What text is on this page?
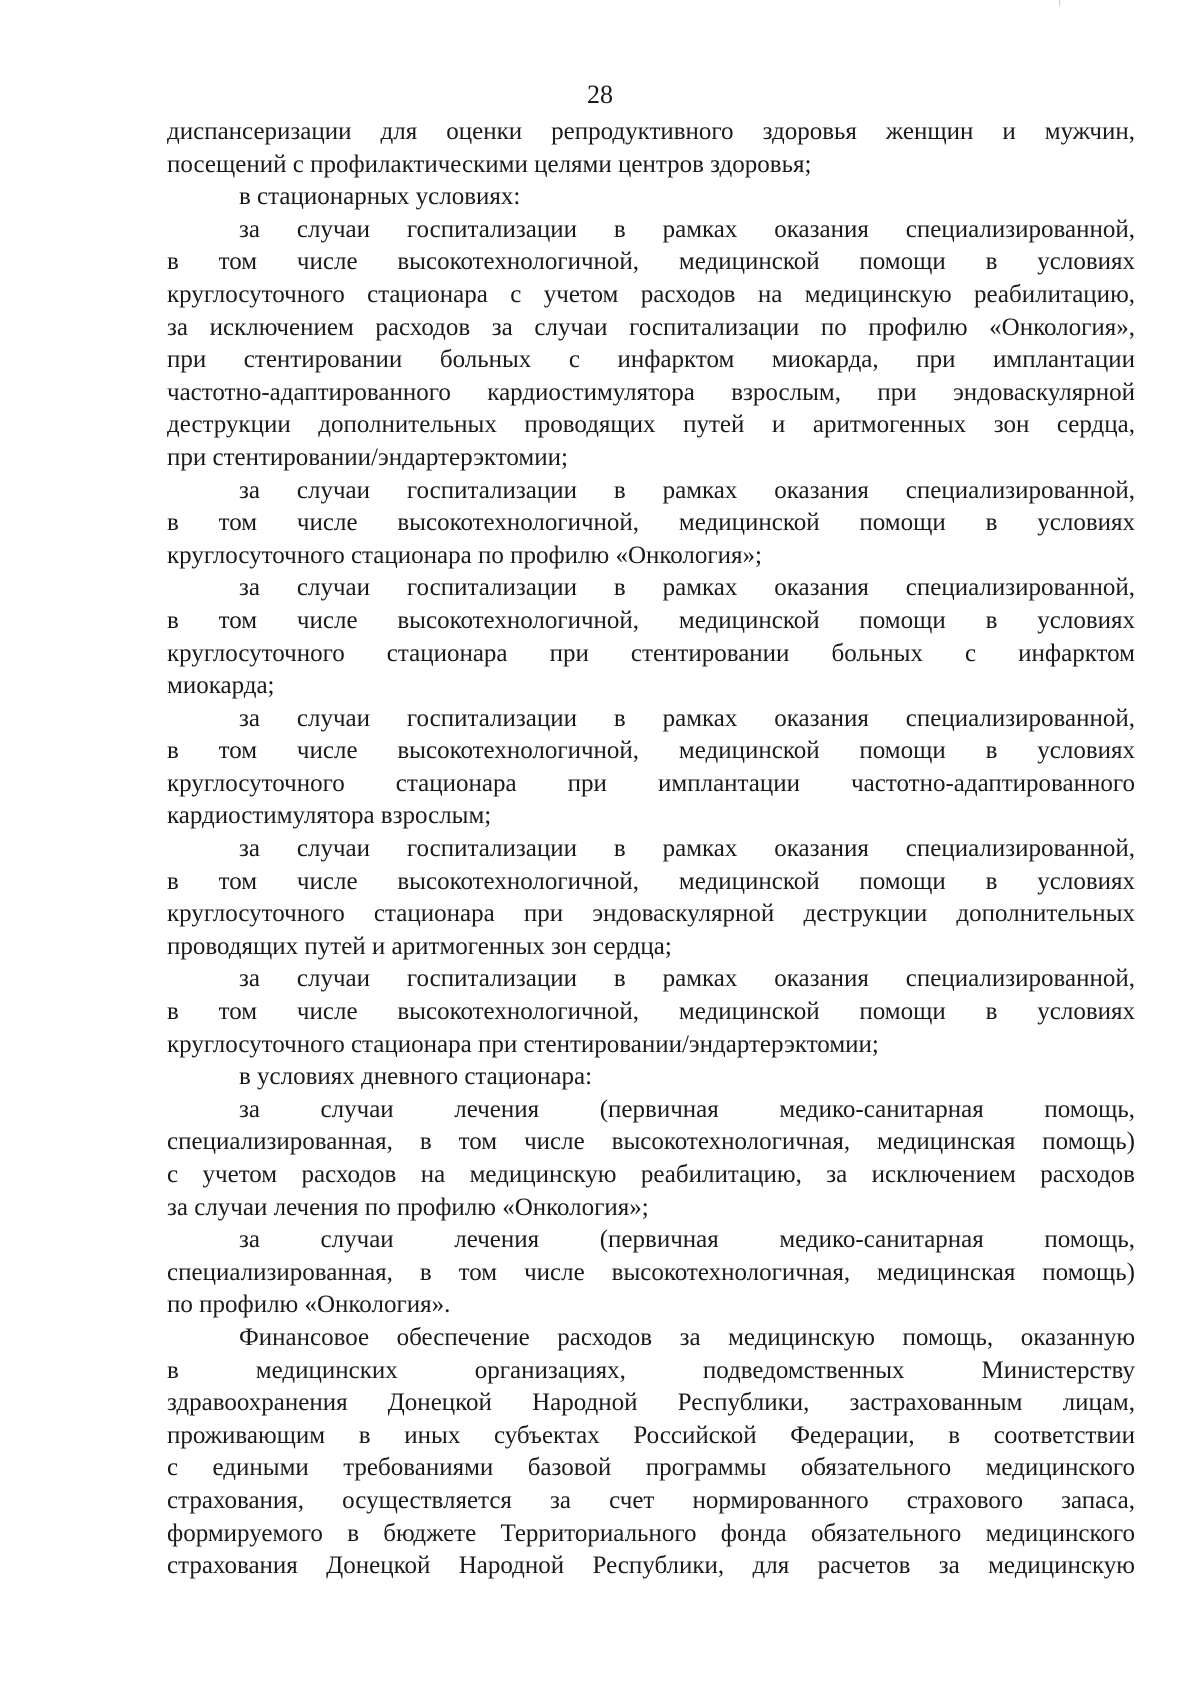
28
диспансеризации для оценки репродуктивного здоровья женщин и мужчин,
посещений с профилактическими целями центров здоровья;
в стационарных условиях:
за случаи госпитализации в рамках оказания специализированной,
в том числе высокотехнологичной, медицинской помощи в условиях
круглосуточного стационара с учетом расходов на медицинскую реабилитацию,
за исключением расходов за случаи госпитализации по профилю «Онкология»,
при стентировании больных с инфарктом миокарда, при имплантации
частотно-адаптированного кардиостимулятора взрослым, при эндоваскулярной
деструкции дополнительных проводящих путей и аритмогенных зон сердца,
при стентировании/эндартерэктомии;
за случаи госпитализации в рамках оказания специализированной,
в том числе высокотехнологичной, медицинской помощи в условиях
круглосуточного стационара по профилю «Онкология»;
за случаи госпитализации в рамках оказания специализированной,
в том числе высокотехнологичной, медицинской помощи в условиях
круглосуточного стационара при стентировании больных с инфарктом
миокарда;
за случаи госпитализации в рамках оказания специализированной,
в том числе высокотехнологичной, медицинской помощи в условиях
круглосуточного стационара при имплантации частотно-адаптированного
кардиостимулятора взрослым;
за случаи госпитализации в рамках оказания специализированной,
в том числе высокотехнологичной, медицинской помощи в условиях
круглосуточного стационара при эндоваскулярной деструкции дополнительных
проводящих путей и аритмогенных зон сердца;
за случаи госпитализации в рамках оказания специализированной,
в том числе высокотехнологичной, медицинской помощи в условиях
круглосуточного стационара при стентировании/эндартерэктомии;
в условиях дневного стационара:
за случаи лечения (первичная медико-санитарная помощь,
специализированная, в том числе высокотехнологичная, медицинская помощь)
с учетом расходов на медицинскую реабилитацию, за исключением расходов
за случаи лечения по профилю «Онкология»;
за случаи лечения (первичная медико-санитарная помощь,
специализированная, в том числе высокотехнологичная, медицинская помощь)
по профилю «Онкология».
Финансовое обеспечение расходов за медицинскую помощь, оказанную
в медицинских организациях, подведомственных Министерству
здравоохранения Донецкой Народной Республики, застрахованным лицам,
проживающим в иных субъектах Российской Федерации, в соответствии
с едиными требованиями базовой программы обязательного медицинского
страхования, осуществляется за счет нормированного страхового запаса,
формируемого в бюджете Территориального фонда обязательного медицинского
страхования Донецкой Народной Республики, для расчетов за медицинскую
